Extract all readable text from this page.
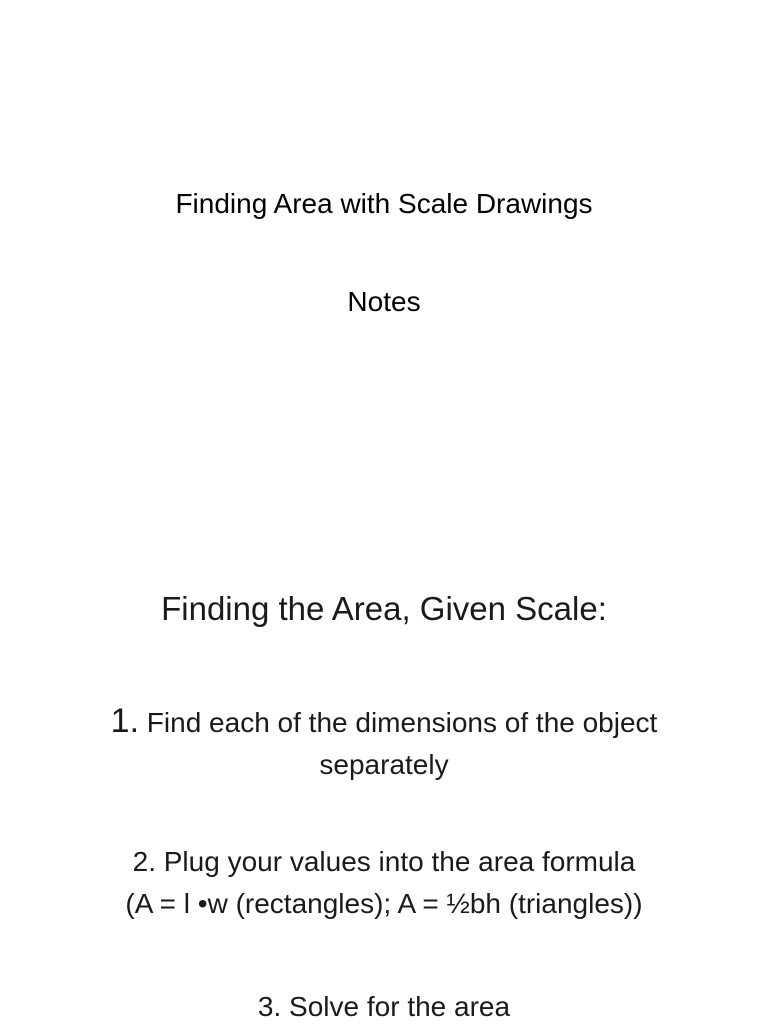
Finding Area with Scale Drawings
Notes
Finding the Area, Given Scale:
1. Find each of the dimensions of the object
separately
2. Plug your values into the area formula
(A = l •w (rectangles); A = ½bh (triangles))
3. Solve for the area
